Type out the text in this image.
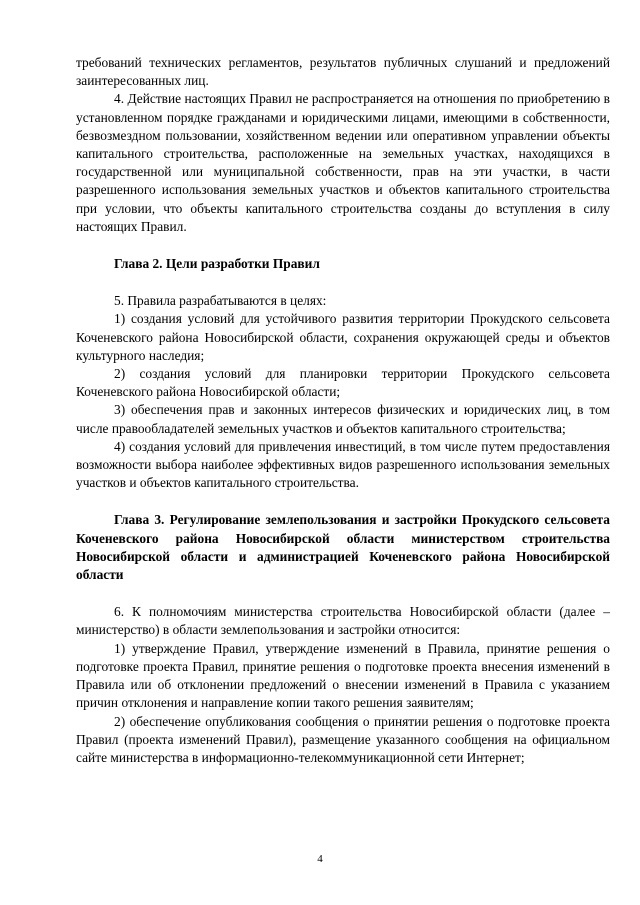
требований технических регламентов, результатов публичных слушаний и предложений заинтересованных лиц.

4. Действие настоящих Правил не распространяется на отношения по приобретению в установленном порядке гражданами и юридическими лицами, имеющими в собственности, безвозмездном пользовании, хозяйственном ведении или оперативном управлении объекты капитального строительства, расположенные на земельных участках, находящихся в государственной или муниципальной собственности, прав на эти участки, в части разрешенного использования земельных участков и объектов капитального строительства при условии, что объекты капитального строительства созданы до вступления в силу настоящих Правил.

Глава 2. Цели разработки Правил

5. Правила разрабатываются в целях:

1) создания условий для устойчивого развития территории Прокудского сельсовета Коченевского района Новосибирской области, сохранения окружающей среды и объектов культурного наследия;

2) создания условий для планировки территории Прокудского сельсовета Коченевского района Новосибирской области;

3) обеспечения прав и законных интересов физических и юридических лиц, в том числе правообладателей земельных участков и объектов капитального строительства;

4) создания условий для привлечения инвестиций, в том числе путем предоставления возможности выбора наиболее эффективных видов разрешенного использования земельных участков и объектов капитального строительства.

Глава 3. Регулирование землепользования и застройки Прокудского сельсовета Коченевского района Новосибирской области министерством строительства Новосибирской области и администрацией Коченевского района Новосибирской области

6. К полномочиям министерства строительства Новосибирской области (далее – министерство) в области землепользования и застройки относится:

1) утверждение Правил, утверждение изменений в Правила, принятие решения о подготовке проекта Правил, принятие решения о подготовке проекта внесения изменений в Правила или об отклонении предложений о внесении изменений в Правила с указанием причин отклонения и направление копии такого решения заявителям;

2) обеспечение опубликования сообщения о принятии решения о подготовке проекта Правил (проекта изменений Правил), размещение указанного сообщения на официальном сайте министерства в информационно-телекоммуникационной сети Интернет;

4
